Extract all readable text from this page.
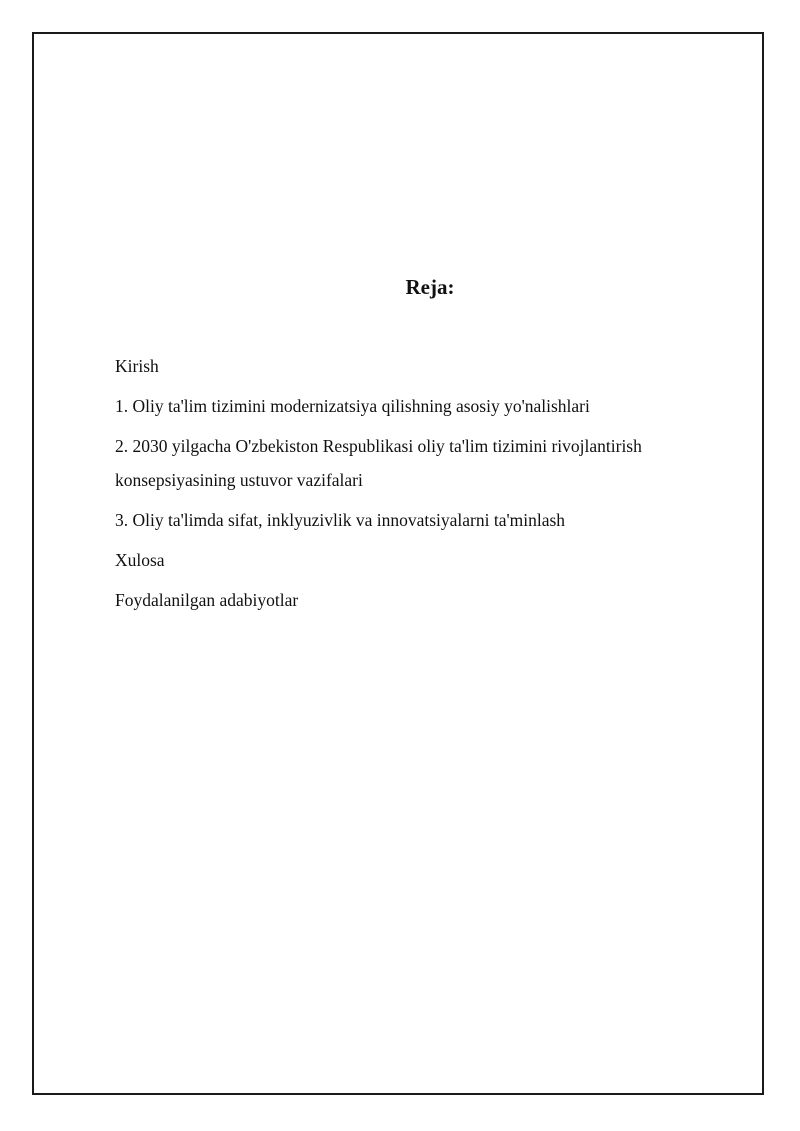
Reja:
Kirish
1. Oliy ta'lim tizimini modernizatsiya qilishning asosiy yo'nalishlari
2. 2030 yilgacha O'zbekiston Respublikasi oliy ta'lim tizimini rivojlantirish konsepsiyasining ustuvor vazifalari
3. Oliy ta'limda sifat, inklyuzivlik va innovatsiyalarni ta'minlash
Xulosa
Foydalanilgan adabiyotlar
